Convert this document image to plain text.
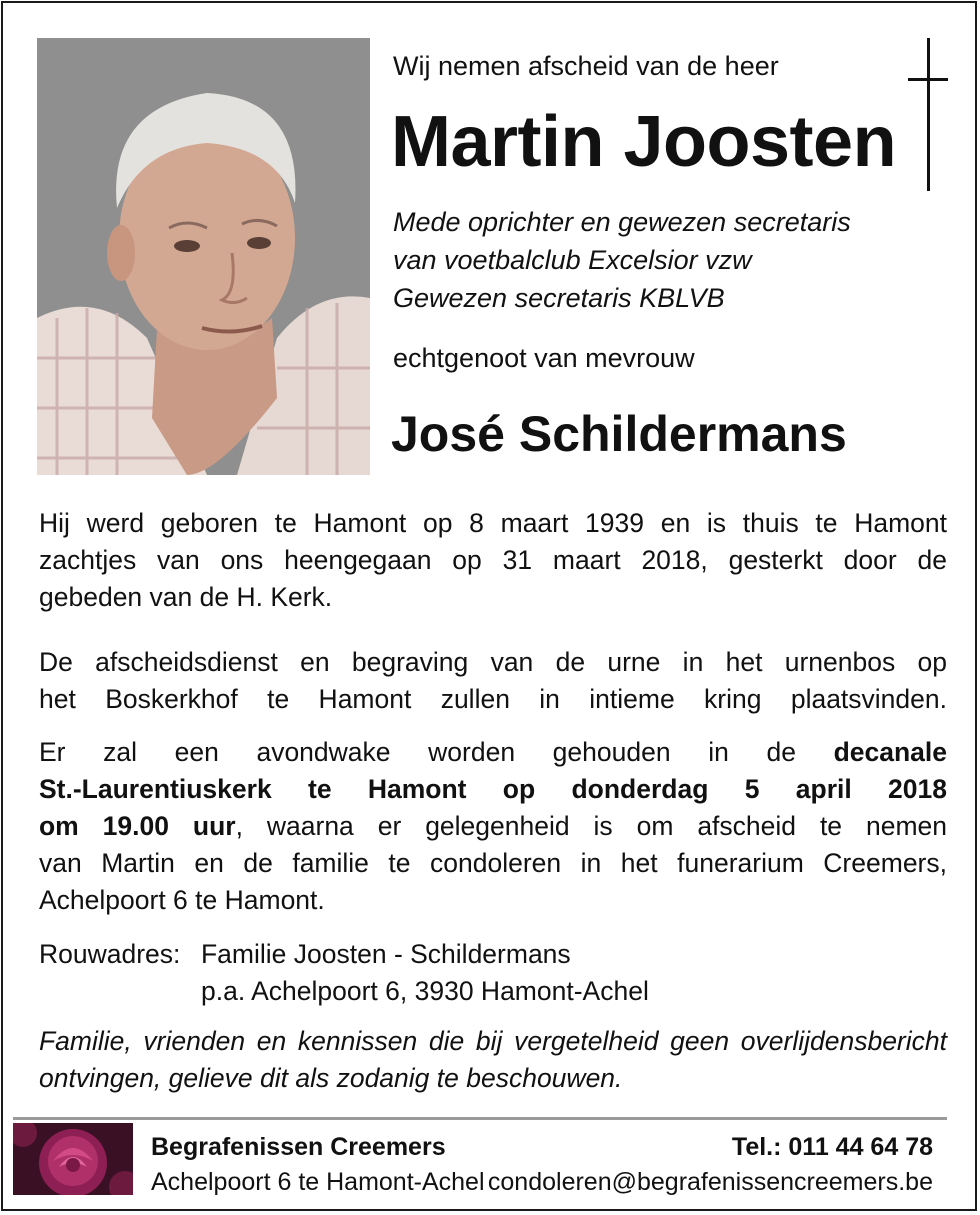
Wij nemen afscheid van de heer
Martin Joosten
Mede oprichter en gewezen secretaris
van voetbalclub Excelsior vzw
Gewezen secretaris KBLVB
echtgenoot van mevrouw
José Schildermans
Hij werd geboren te Hamont op 8 maart 1939 en is thuis te Hamont
zachtjes van ons heengegaan op 31 maart 2018, gesterkt door de
gebeden van de H. Kerk.
De afscheidsdienst en begraving van de urne in het urnenbos op
het Boskerkhof te Hamont zullen in intieme kring plaatsvinden.
Er zal een avondwake worden gehouden in de decanale
St.-Laurentiuskerk te Hamont op donderdag 5 april 2018
om 19.00 uur, waarna er gelegenheid is om afscheid te nemen
van Martin en de familie te condoleren in het funerarium Creemers,
Achelpoort 6 te Hamont.
Rouwadres: Familie Joosten - Schildermans
p.a. Achelpoort 6, 3930 Hamont-Achel
Familie, vrienden en kennissen die bij vergetelheid geen overlijdensbericht
ontvingen, gelieve dit als zodanig te beschouwen.
Begrafenissen Creemers
Achelpoort 6 te Hamont-Achel
Tel.: 011 44 64 78
condoleren@begrafenissencreemers.be
